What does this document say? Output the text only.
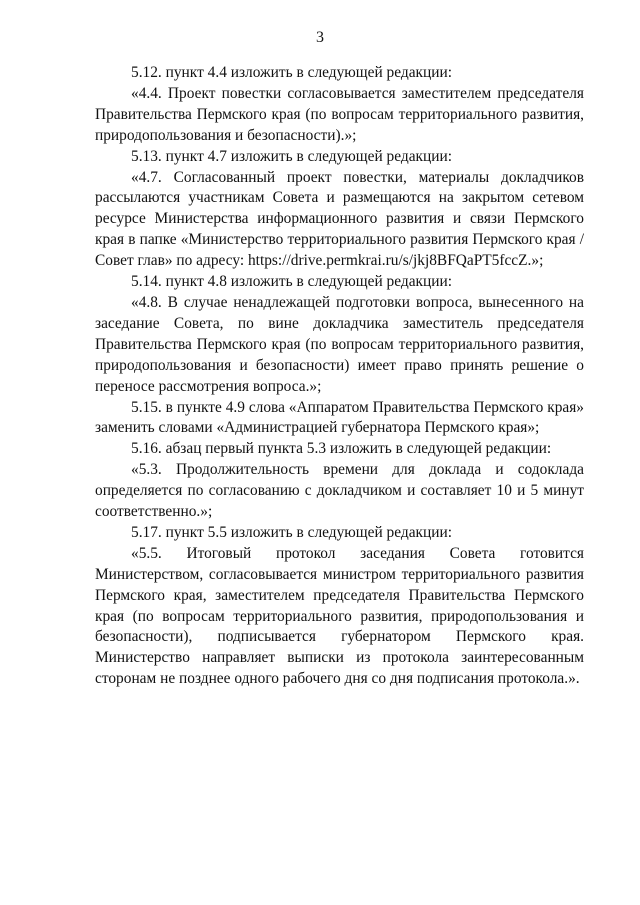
3

5.12. пункт 4.4 изложить в следующей редакции:

«4.4. Проект повестки согласовывается заместителем председателя Правительства Пермского края (по вопросам территориального развития, природопользования и безопасности).»;

5.13. пункт 4.7 изложить в следующей редакции:

«4.7. Согласованный проект повестки, материалы докладчиков рассылаются участникам Совета и размещаются на закрытом сетевом ресурсе Министерства информационного развития и связи Пермского края в папке «Министерство территориального развития Пермского края / Совет глав» по адресу: https://drive.permkrai.ru/s/jkj8BFQaPT5fccZ.»;

5.14. пункт 4.8 изложить в следующей редакции:

«4.8. В случае ненадлежащей подготовки вопроса, вынесенного на заседание Совета, по вине докладчика заместитель председателя Правительства Пермского края (по вопросам территориального развития, природопользования и безопасности) имеет право принять решение о переносе рассмотрения вопроса.»;

5.15. в пункте 4.9 слова «Аппаратом Правительства Пермского края» заменить словами «Администрацией губернатора Пермского края»;

5.16. абзац первый пункта 5.3 изложить в следующей редакции:

«5.3. Продолжительность времени для доклада и содоклада определяется по согласованию с докладчиком и составляет 10 и 5 минут соответственно.»;

5.17. пункт 5.5 изложить в следующей редакции:

«5.5. Итоговый протокол заседания Совета готовится Министерством, согласовывается министром территориального развития Пермского края, заместителем председателя Правительства Пермского края (по вопросам территориального развития, природопользования и безопасности), подписывается губернатором Пермского края. Министерство направляет выписки из протокола заинтересованным сторонам не позднее одного рабочего дня со дня подписания протокола.».
